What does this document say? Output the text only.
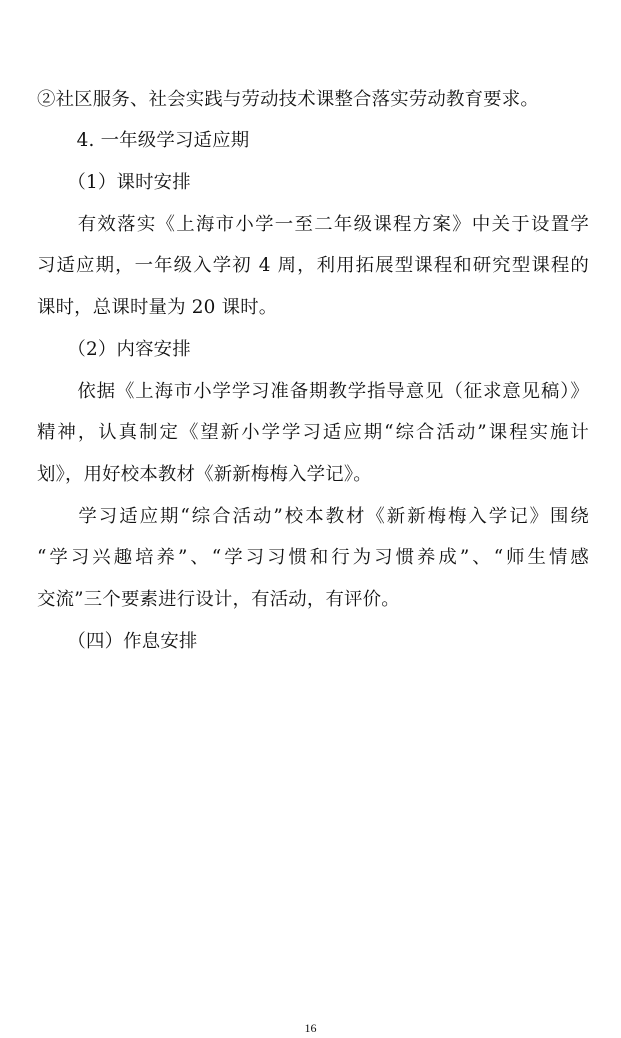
②社区服务、社会实践与劳动技术课整合落实劳动教育要求。
　4. 一年级学习适应期
　（1）课时安排
　有效落实《上海市小学一至二年级课程方案》中关于设置学
习适应期，一年级入学初 4 周，利用拓展型课程和研究型课程的
课时，总课时量为 20 课时。
　（2）内容安排
　依据《上海市小学学习准备期教学指导意见（征求意见稿）》
精神，认真制定《望新小学学习适应期“综合活动”课程实施计
划》，用好校本教材《新新梅梅入学记》。
　学习适应期“综合活动”校本教材《新新梅梅入学记》围绕
“学习兴趣培养”、“学习习惯和行为习惯养成”、“师生情感
交流”三个要素进行设计，有活动，有评价。
　（四）作息安排
16
